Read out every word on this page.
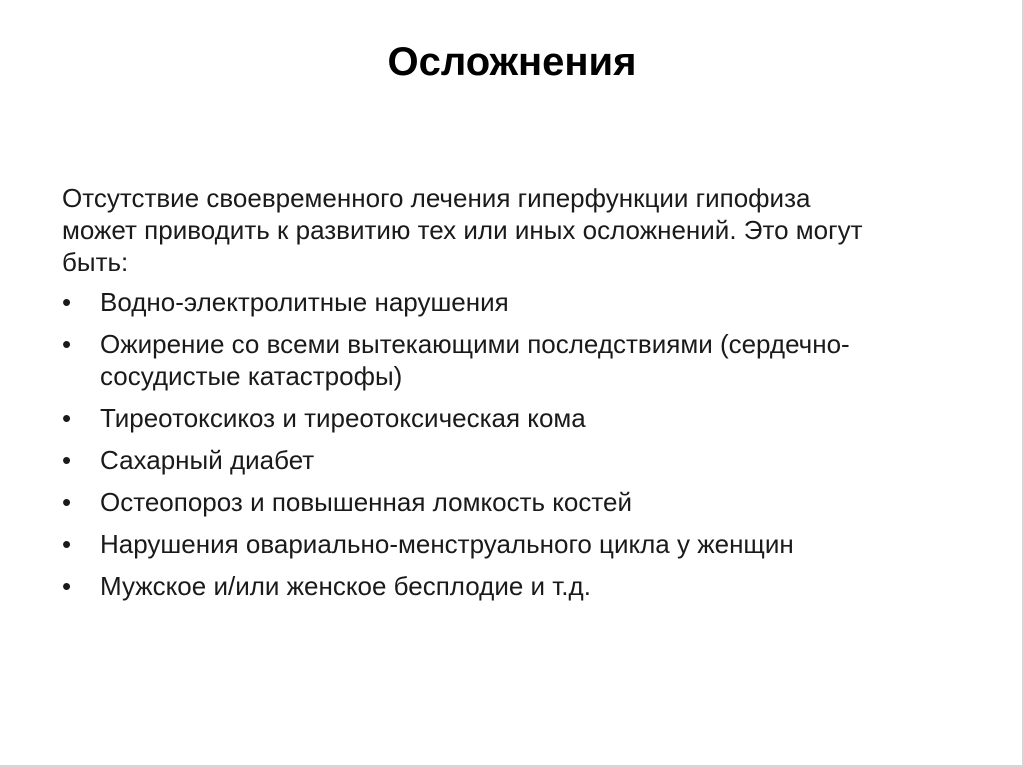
Осложнения

Отсутствие своевременного лечения гиперфункции гипофиза может приводить к развитию тех или иных осложнений. Это могут быть:

•	Водно-электролитные нарушения
•	Ожирение со всеми вытекающими последствиями (сердечно-сосудистые катастрофы)
•	Тиреотоксикоз и тиреотоксическая кома
•	Сахарный диабет
•	Остеопороз и повышенная ломкость костей
•	Нарушения овариально-менструального цикла у женщин
•	Мужское и/или женское бесплодие и т.д.
